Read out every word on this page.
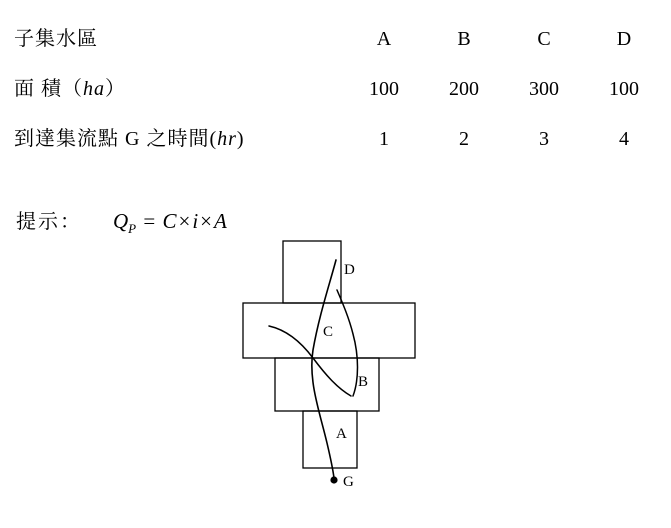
子集水區	A	B	C	D
面 積（ha）	100	200	300	100
到達集流點 G 之時間(hr)	1	2	3	4
提示： $Q_P = C\times i\times A$
D
C
B
A
G
